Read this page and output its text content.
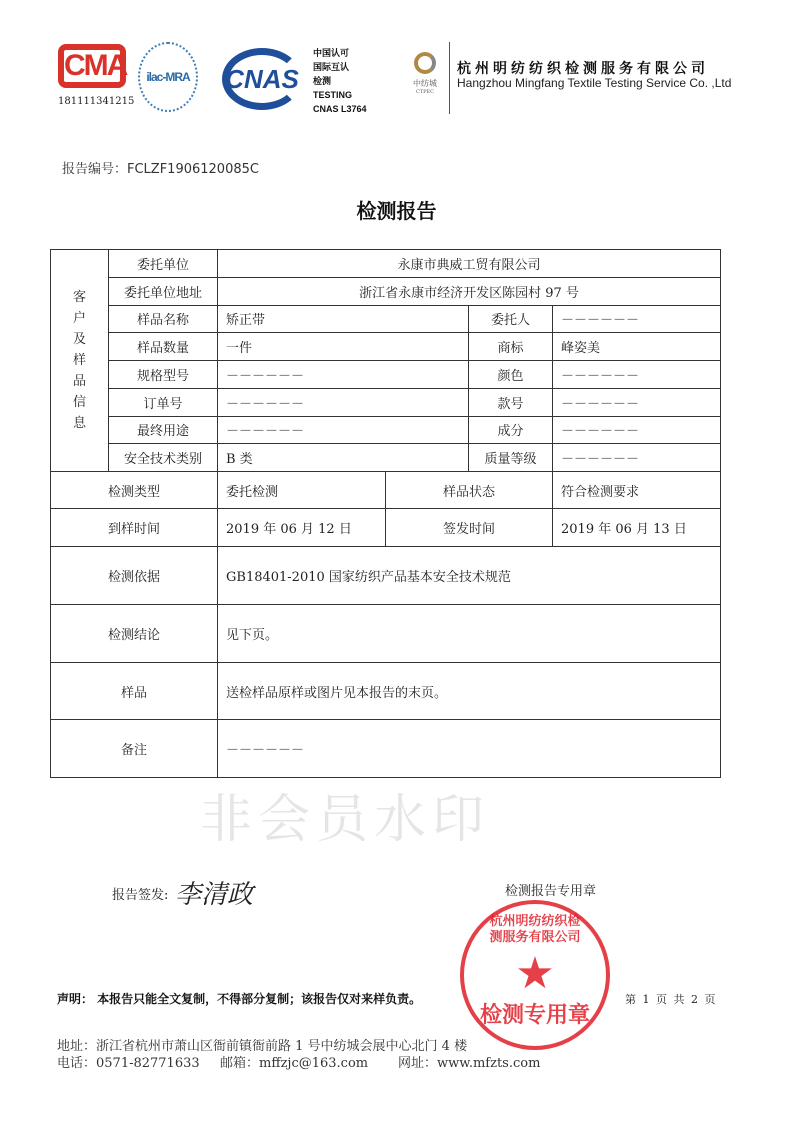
CMA
181111341215
ilac-MRA CNAS
中国认可
国际互认
检测
TESTING
CNAS L3764
中纺城
CTPEC
杭州明纺纺织检测服务有限公司
Hangzhou Mingfang Textile Testing Service Co. ,Ltd
报告编号：FCLZF1906120085C
检测报告
客户及样品信息	委托单位	永康市典威工贸有限公司		
	委托单位地址	浙江省永康市经济开发区陈园村 97 号		
	样品名称	矫正带	委托人	－－－－－－
	样品数量	一件	商标	峰姿美
	规格型号	－－－－－－	颜色	－－－－－－
	订单号	－－－－－－	款号	－－－－－－
	最终用途	－－－－－－	成分	－－－－－－
	安全技术类别	B 类	质量等级	－－－－－－
检测类型	委托检测	样品状态	符合检测要求
到样时间	2019 年 06 月 12 日	签发时间	2019 年 06 月 13 日
检测依据	GB18401-2010 国家纺织产品基本安全技术规范		
检测结论	见下页。		
样品	送检样品原样或图片见本报告的末页。		
备注	－－－－－－		
非会员水印
报告签发: 李清政	检测报告专用章
杭州明纺纺织检测服务有限公司
★
检测专用章
声明： 本报告只能全文复制，不得部分复制；该报告仅对来样负责。	第 1 页 共 2 页
地址：浙江省杭州市萧山区衙前镇衙前路 1 号中纺城会展中心北门 4 楼
电话：0571-82771633 邮箱：mffzjc@163.com 网址：www.mfzts.com
